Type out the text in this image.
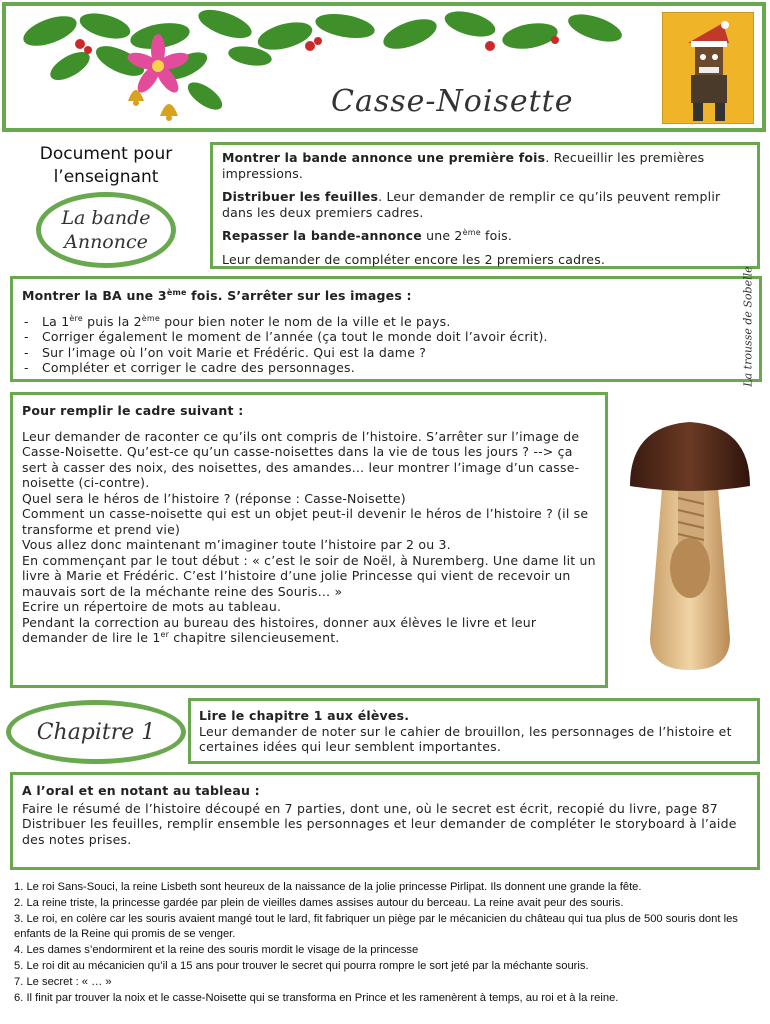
Casse-Noisette
Document pour l’enseignant
La bande Annonce
Montrer la bande annonce une première fois. Recueillir les premières impressions.
Distribuer les feuilles. Leur demander de remplir ce qu’ils peuvent remplir dans les deux premiers cadres.
Repasser la bande-annonce une 2ème fois.
Leur demander de compléter encore les 2 premiers cadres.
Montrer la BA une 3ème fois. S’arrêter sur les images :
- La 1ère puis la 2ème pour bien noter le nom de la ville et le pays.
- Corriger également le moment de l’année (ça tout le monde doit l’avoir écrit).
- Sur l’image où l’on voit Marie et Frédéric. Qui est la dame ?
- Compléter et corriger le cadre des personnages.	La trousse de Sobelle
Pour remplir le cadre suivant :
Leur demander de raconter ce qu’ils ont compris de l’histoire. S’arrêter sur l’image de Casse-Noisette. Qu’est-ce qu’un casse-noisettes dans la vie de tous les jours ? --> ça sert à casser des noix, des noisettes, des amandes… leur montrer l’image d’un casse-noisette (ci-contre).
Quel sera le héros de l’histoire ? (réponse : Casse-Noisette)
Comment un casse-noisette qui est un objet peut-il devenir le héros de l’histoire ? (il se transforme et prend vie)
Vous allez donc maintenant m’imaginer toute l’histoire par 2 ou 3.
En commençant par le tout début : « c’est le soir de Noël, à Nuremberg. Une dame lit un livre à Marie et Frédéric. C’est l’histoire d’une jolie Princesse qui vient de recevoir un mauvais sort de la méchante reine des Souris… »
Ecrire un répertoire de mots au tableau.
Pendant la correction au bureau des histoires, donner aux élèves le livre et leur demander de lire le 1er chapitre silencieusement.
Chapitre 1
Lire le chapitre 1 aux élèves.
Leur demander de noter sur le cahier de brouillon, les personnages de l’histoire et certaines idées qui leur semblent importantes.
A l’oral et en notant au tableau :
Faire le résumé de l’histoire découpé en 7 parties, dont une, où le secret est écrit, recopié du livre, page 87
Distribuer les feuilles, remplir ensemble les personnages et leur demander de compléter le storyboard à l’aide des notes prises.
1. Le roi Sans-Souci, la reine Lisbeth sont heureux de la naissance de la jolie princesse Pirlipat. Ils donnent une grande la fête.
2. La reine triste, la princesse gardée par plein de vieilles dames assises autour du berceau. La reine avait peur des souris.
3. Le roi, en colère car les souris avaient mangé tout le lard, fit fabriquer un piège par le mécanicien du château qui tua plus de 500 souris dont les enfants de la Reine qui promis de se venger.
4. Les dames s’endormirent et la reine des souris mordit le visage de la princesse
5. Le roi dit au mécanicien qu’il a 15 ans pour trouver le secret qui pourra rompre le sort jeté par la méchante souris.
7. Le secret : « … »
6. Il finit par trouver la noix et le casse-Noisette qui se transforma en Prince et les ramenèrent à temps, au roi et à la reine.
